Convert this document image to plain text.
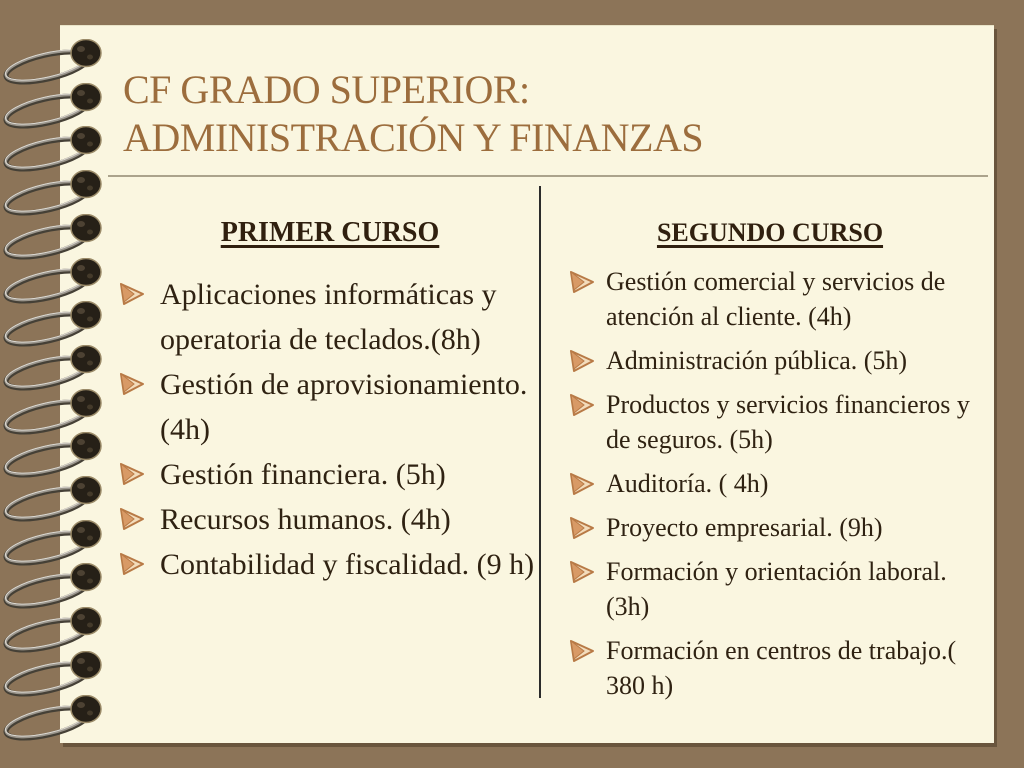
CF GRADO SUPERIOR:
ADMINISTRACIÓN Y FINANZAS
PRIMER CURSO
Aplicaciones informáticas y operatoria de teclados.(8h)
Gestión de aprovisionamiento. (4h)
Gestión financiera. (5h)
Recursos humanos. (4h)
Contabilidad y fiscalidad. (9 h)
SEGUNDO CURSO
Gestión comercial y servicios de atención al cliente. (4h)
Administración pública. (5h)
Productos y servicios financieros y de seguros. (5h)
Auditoría. ( 4h)
Proyecto empresarial. (9h)
Formación y orientación laboral. (3h)
Formación en centros de trabajo.( 380 h)
